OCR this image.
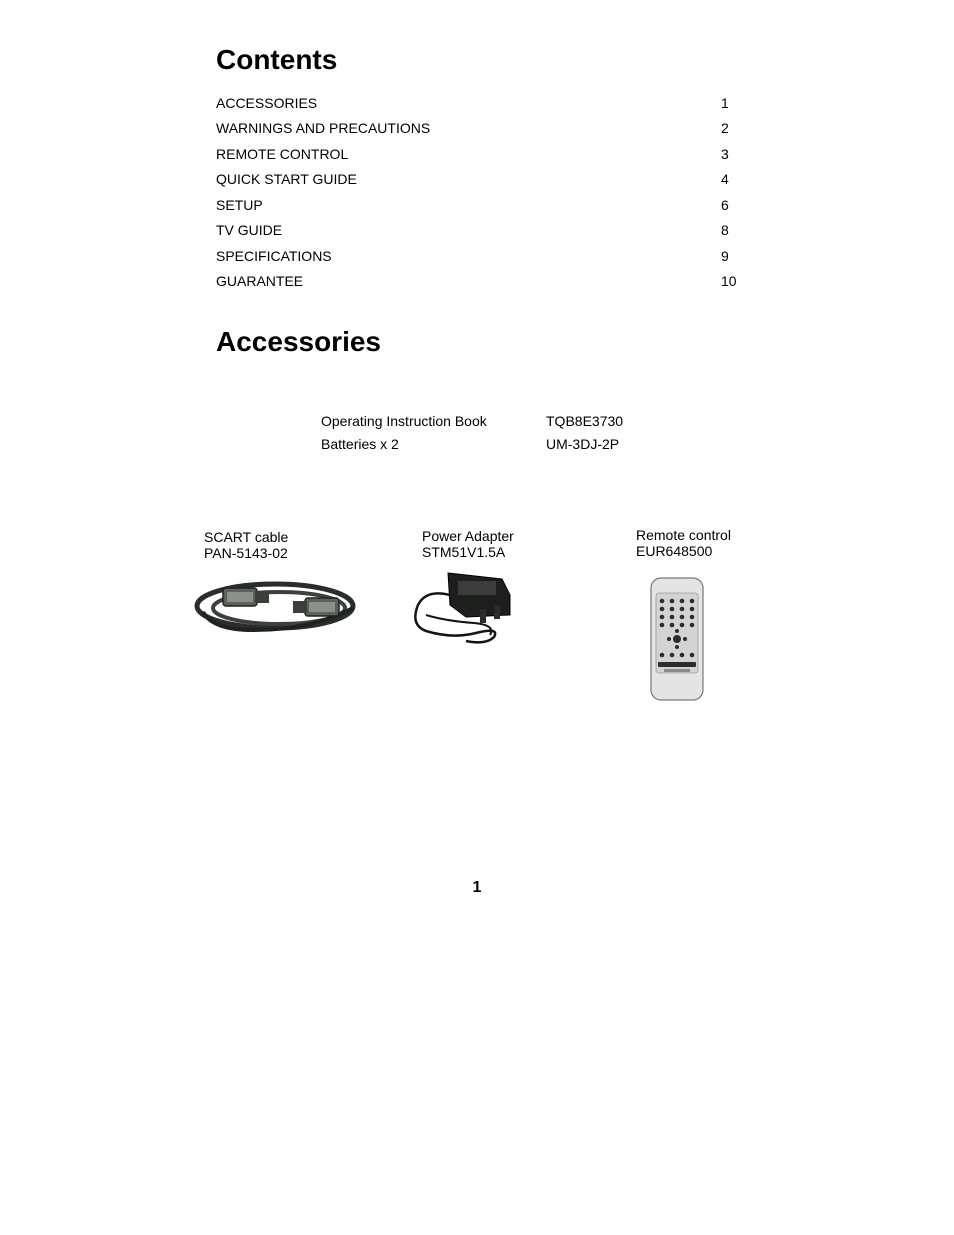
Contents
ACCESSORIES	1
WARNINGS AND PRECAUTIONS	2
REMOTE CONTROL	3
QUICK START GUIDE	4
SETUP	6
TV GUIDE	8
SPECIFICATIONS	9
GUARANTEE	10
Accessories
Operating Instruction Book	TQB8E3730
Batteries x 2	UM-3DJ-2P
SCART cable
PAN-5143-02
Power Adapter
STM51V1.5A
Remote control
EUR648500
1
